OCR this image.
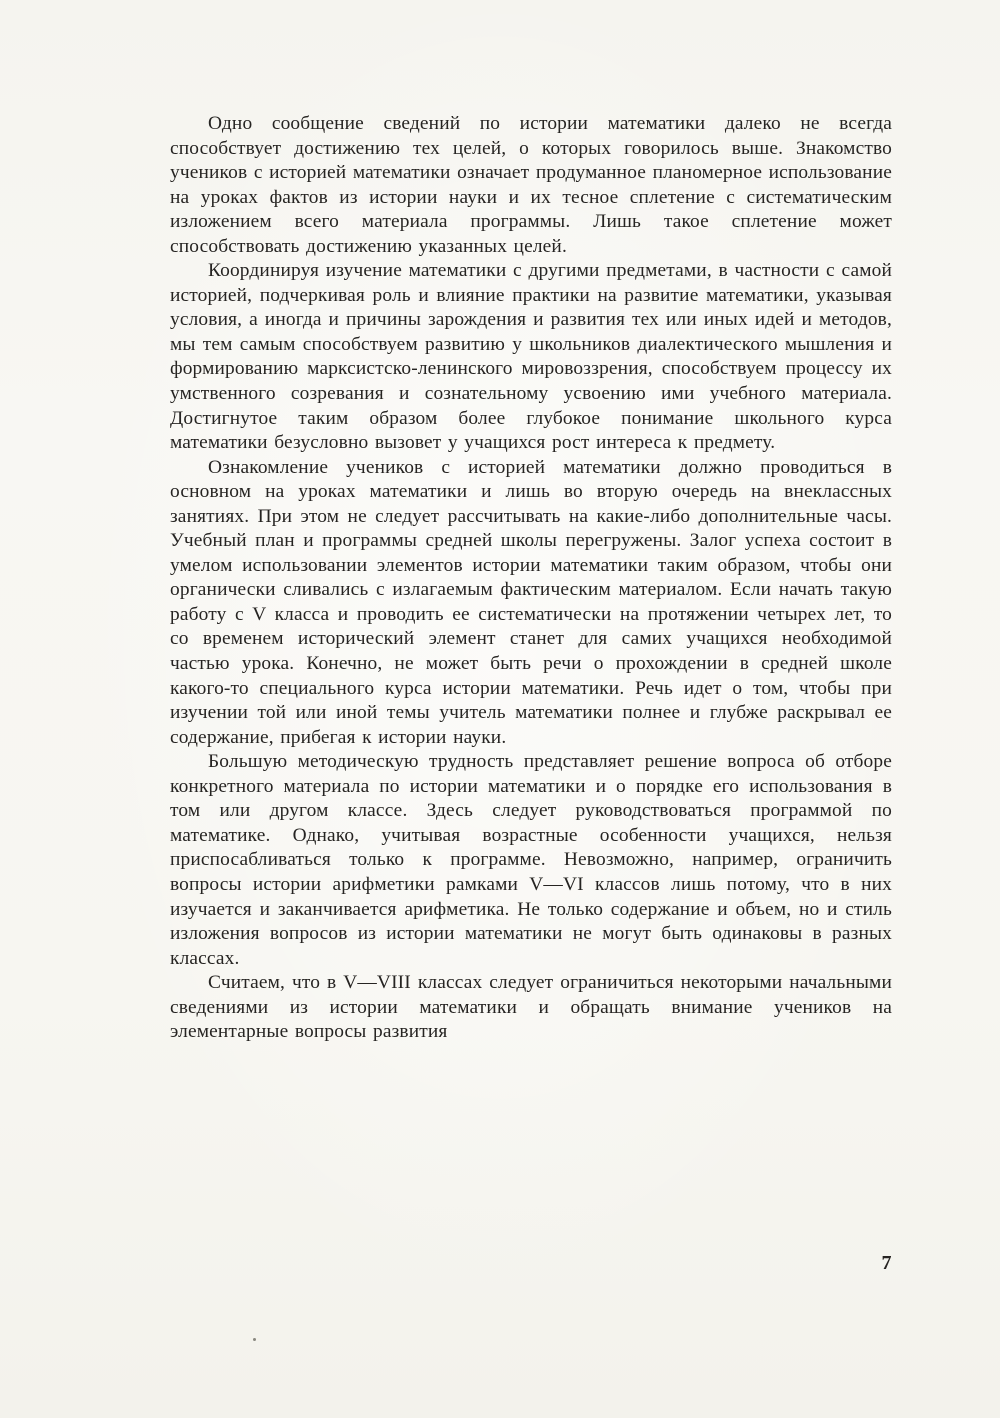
Одно сообщение сведений по истории математики далеко не всегда способствует достижению тех целей, о которых говорилось выше. Знакомство учеников с историей математики означает продуманное планомерное использование на уроках фактов из истории науки и их тесное сплетение с систематическим изложением всего материала программы. Лишь такое сплетение может способствовать достижению указанных целей.

Координируя изучение математики с другими предметами, в частности с самой историей, подчеркивая роль и влияние практики на развитие математики, указывая условия, а иногда и причины зарождения и развития тех или иных идей и методов, мы тем самым способствуем развитию у школьников диалектического мышления и формированию марксистско-ленинского мировоззрения, способствуем процессу их умственного созревания и сознательному усвоению ими учебного материала. Достигнутое таким образом более глубокое понимание школьного курса математики безусловно вызовет у учащихся рост интереса к предмету.

Ознакомление учеников с историей математики должно проводиться в основном на уроках математики и лишь во вторую очередь на внеклассных занятиях. При этом не следует рассчитывать на какие-либо дополнительные часы. Учебный план и программы средней школы перегружены. Залог успеха состоит в умелом использовании элементов истории математики таким образом, чтобы они органически сливались с излагаемым фактическим материалом. Если начать такую работу с V класса и проводить ее систематически на протяжении четырех лет, то со временем исторический элемент станет для самих учащихся необходимой частью урока. Конечно, не может быть речи о прохождении в средней школе какого-то специального курса истории математики. Речь идет о том, чтобы при изучении той или иной темы учитель математики полнее и глубже раскрывал ее содержание, прибегая к истории науки.

Большую методическую трудность представляет решение вопроса об отборе конкретного материала по истории математики и о порядке его использования в том или другом классе. Здесь следует руководствоваться программой по математике. Однако, учитывая возрастные особенности учащихся, нельзя приспосабливаться только к программе. Невозможно, например, ограничить вопросы истории арифметики рамками V—VI классов лишь потому, что в них изучается и заканчивается арифметика. Не только содержание и объем, но и стиль изложения вопросов из истории математики не могут быть одинаковы в разных классах.

Считаем, что в V—VIII классах следует ограничиться некоторыми начальными сведениями из истории математики и обращать внимание учеников на элементарные вопросы развития

7
